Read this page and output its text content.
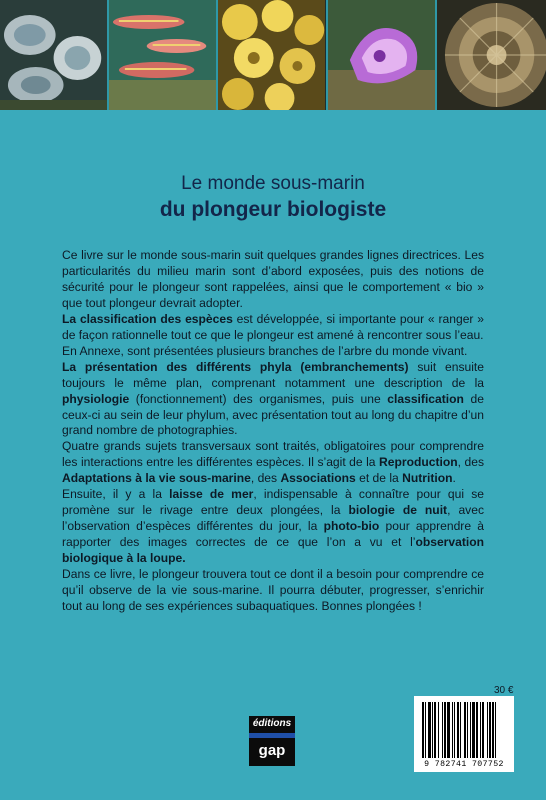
Le monde sous-marin
du plongeur biologiste

Ce livre sur le monde sous-marin suit quelques grandes lignes directrices. Les particularités du milieu marin sont d’abord exposées, puis des notions de sécurité pour le plongeur sont rappelées, ainsi que le comportement « bio » que tout plongeur devrait adopter.

La classification des espèces est développée, si importante pour « ranger » de façon rationnelle tout ce que le plongeur est amené à rencontrer sous l’eau.

En Annexe, sont présentées plusieurs branches de l’arbre du monde vivant.

La présentation des différents phyla (embranchements) suit ensuite toujours le même plan, comprenant notamment une description de la physiologie (fonctionnement) des organismes, puis une classification de ceux-ci au sein de leur phylum, avec présentation tout au long du chapitre d’un grand nombre de photographies.

Quatre grands sujets transversaux sont traités, obligatoires pour comprendre les interactions entre les différentes espèces. Il s’agit de la Reproduction, des Adaptations à la vie sous-marine, des Associations et de la Nutrition.

Ensuite, il y a la laisse de mer, indispensable à connaître pour qui se promène sur le rivage entre deux plongées, la biologie de nuit, avec l’observation d’espèces différentes du jour, la photo-bio pour apprendre à rapporter des images correctes de ce que l’on a vu et l’observation biologique à la loupe.

Dans ce livre, le plongeur trouvera tout ce dont il a besoin pour comprendre ce qu’il observe de la vie sous-marine. Il pourra débuter, progresser, s’enrichir tout au long de ses expériences subaquatiques. Bonnes plongées !

éditions
gap
30 €
9 782741 707752
